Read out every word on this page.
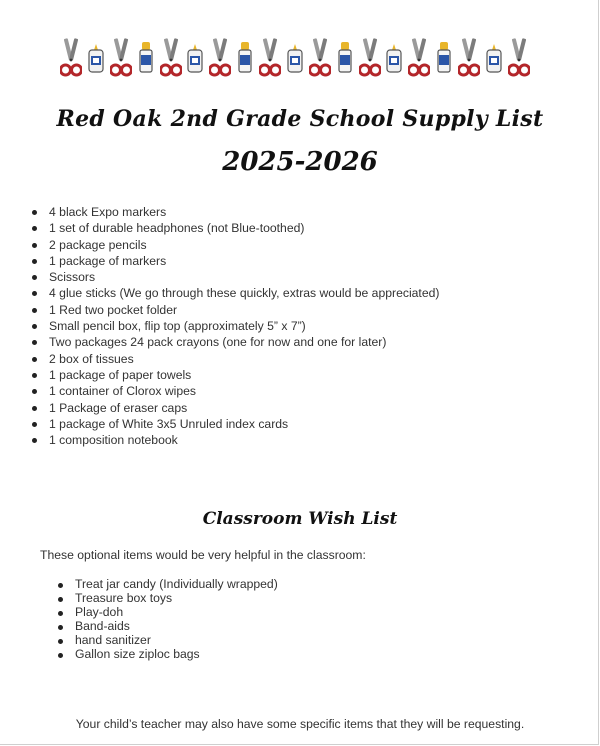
Red Oak 2nd Grade School Supply List
2025-2026
4 black Expo markers
1 set of durable headphones (not Blue-toothed)
2 package pencils
1 package of markers
Scissors
4 glue sticks (We go through these quickly, extras would be appreciated)
1 Red two pocket folder
Small pencil box, flip top (approximately 5” x 7”)
Two packages 24 pack crayons (one for now and one for later)
2 box of tissues
1 package of paper towels
1 container of Clorox wipes
1 Package of eraser caps
1 package of White 3x5 Unruled index cards
1 composition notebook
Classroom Wish List
These optional items would be very helpful in the classroom:
Treat jar candy (Individually wrapped)
Treasure box toys
Play-doh
Band-aids
hand sanitizer
Gallon size ziploc bags
Your child’s teacher may also have some specific items that they will be requesting.
